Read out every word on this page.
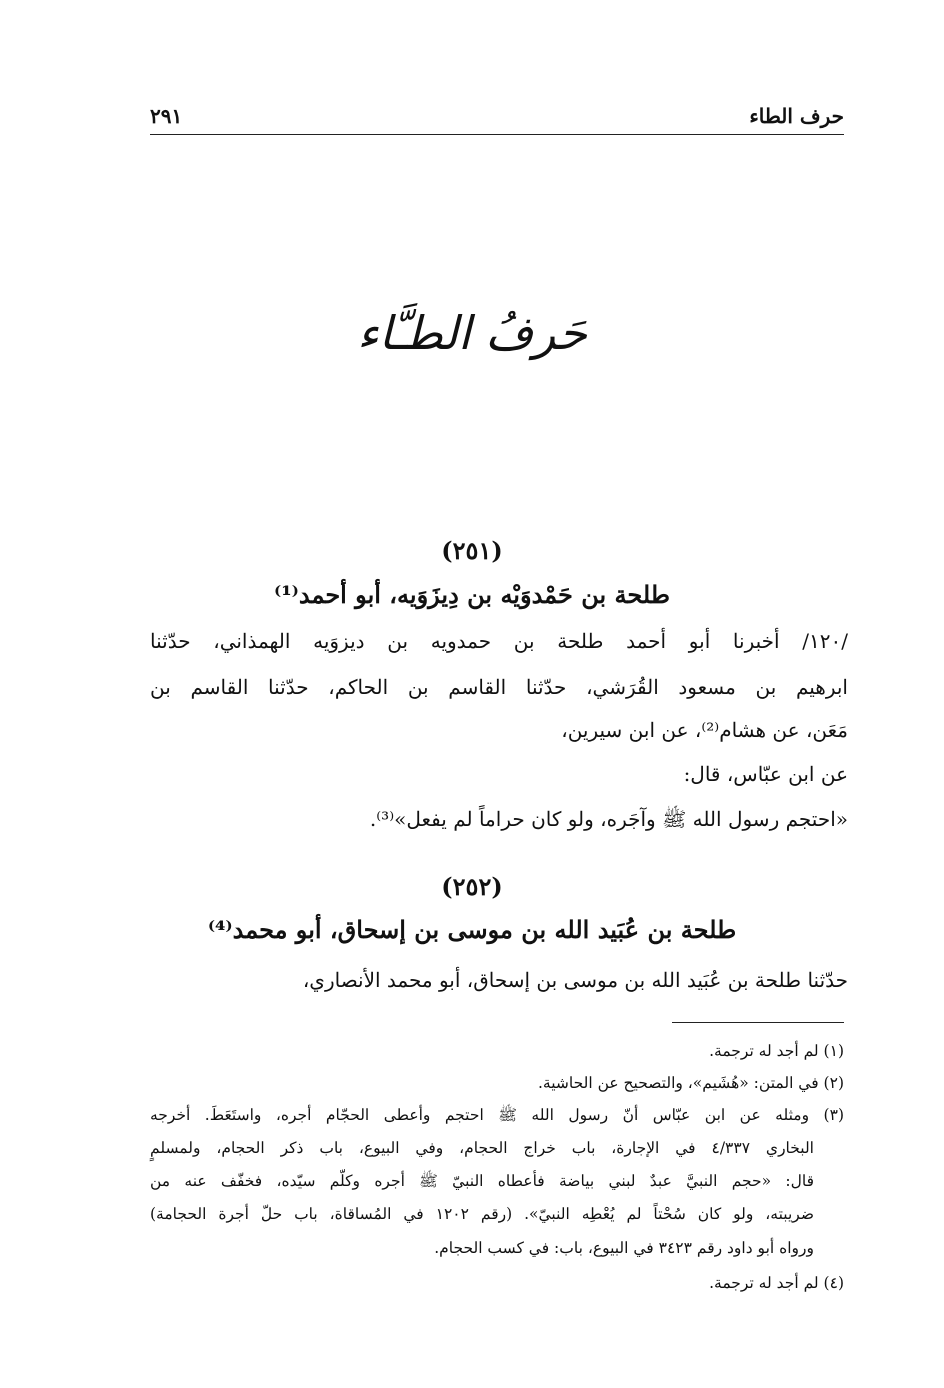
حرف الطاء
٢٩١
حَرفُ الطـَّاء
(٢٥١)
طلحة بن حَمْدوَيْه بن دِيزَوَيه، أبو أحمد⁽¹⁾
/١٢٠/ أخبرنا أبو أحمد طلحة بن حمدويه بن ديزوَيه الهمذاني، حدّثنا
ابرهيم بن مسعود القُرَشي، حدّثنا القاسم بن الحاكم، حدّثنا القاسم بن
مَعَن، عن هشام⁽²⁾، عن ابن سيرين،
عن ابن عبّاس، قال:
«احتجم رسول الله ﷺ وآجَره، ولو كان حراماً لم يفعل»⁽³⁾.
(٢٥٢)
طلحة بن عُبَيد الله بن موسى بن إسحاق، أبو محمد⁽⁴⁾
حدّثنا طلحة بن عُبَيد الله بن موسى بن إسحاق، أبو محمد الأنصاري،
(١) لم أجد له ترجمة.
(٢) في المتن: «هُشَيم»، والتصحيح عن الحاشية.
(٣) ومثله عن ابن عبّاس أنّ رسول الله ﷺ احتجم وأعطى الحجّام أجره، واستَعَطَ. أخرجه
البخاري ٤/٣٣٧ في الإجارة، باب خراج الحجام، وفي البيوع، باب ذكر الحجام، ولمسلمٍ
قال: «حجم النبيَّ عبدٌ لبني بياضة فأعطاه النبيّ ﷺ أجره وكلّم سيّده، فخفّف عنه من
ضريبته، ولو كان سُحْتاً لم يُعْطِه النبيّ». (رقم ١٢٠٢ في المُساقاة، باب حلّ أجرة الحجامة)
ورواه أبو داود رقم ٣٤٢٣ في البيوع، باب: في كسب الحجام.
(٤) لم أجد له ترجمة.
